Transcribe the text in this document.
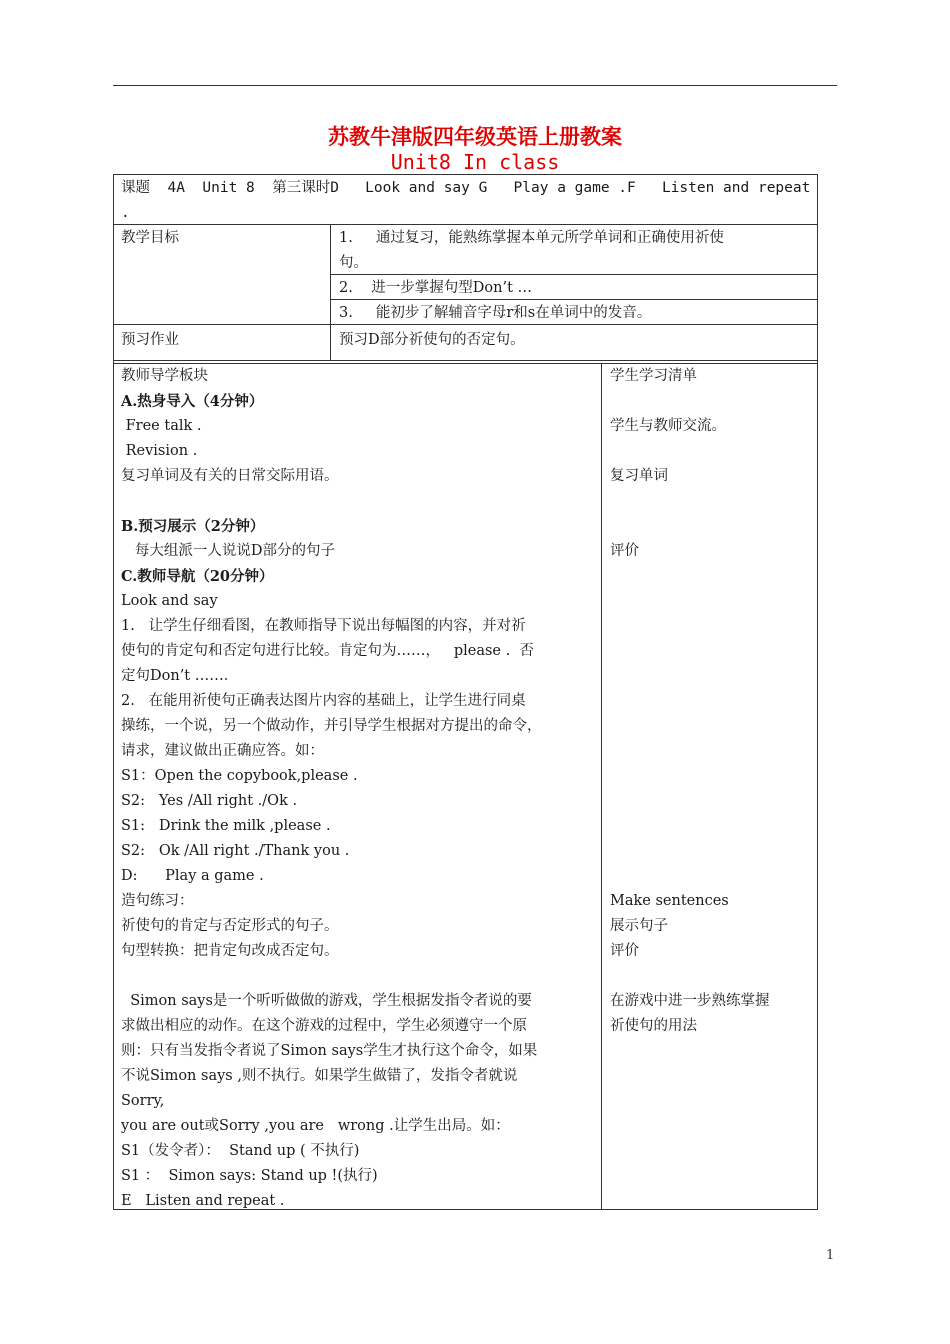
苏教牛津版四年级英语上册教案
Unit8 In class
课题  4A  Unit 8  第三课时D   Look and say G   Play a game .F   Listen and repeat
.
教学目标	1.     通过复习，能熟练掌握本单元所学单词和正确使用祈使
句。
2.    进一步掌握句型Don’t …
3.     能初步了解辅音字母r和s在单词中的发音。
预习作业	预习D部分祈使句的否定句。
教师导学板块
A.热身导入（4分钟）
Free talk .
Revision .
复习单词及有关的日常交际用语。
B.预习展示（2分钟）
每大组派一人说说D部分的句子
C.教师导航（20分钟）
Look and say
1.   让学生仔细看图，在教师指导下说出每幅图的内容，并对祈
使句的肯定句和否定句进行比较。肯定句为……，   please .  否
定句Don’t ……．
2.   在能用祈使句正确表达图片内容的基础上，让学生进行同桌
操练，一个说，另一个做动作，并引导学生根据对方提出的命令，
请求，建议做出正确应答。如：
S1：Open the copybook,please .
S2:   Yes /All right ./Ok .
S1:   Drink the milk ,please .
S2:   Ok /All right ./Thank you .
D:      Play a game .
造句练习：
祈使句的肯定与否定形式的句子。
句型转换：把肯定句改成否定句。
Simon says是一个听听做做的游戏，学生根据发指令者说的要
求做出相应的动作。在这个游戏的过程中，学生必须遵守一个原
则：只有当发指令者说了Simon says学生才执行这个命令，如果
不说Simon says ,则不执行。如果学生做错了，发指令者就说
Sorry,
you are out或Sorry ,you are   wrong .让学生出局。如：
S1（发令者）：  Stand up ( 不执行)
S1 ：  Simon says: Stand up !(执行)
E   Listen and repeat .
学生学习清单
学生与教师交流。
复习单词
评价
Make sentences
展示句子
评价
在游戏中进一步熟练掌握
祈使句的用法
1
